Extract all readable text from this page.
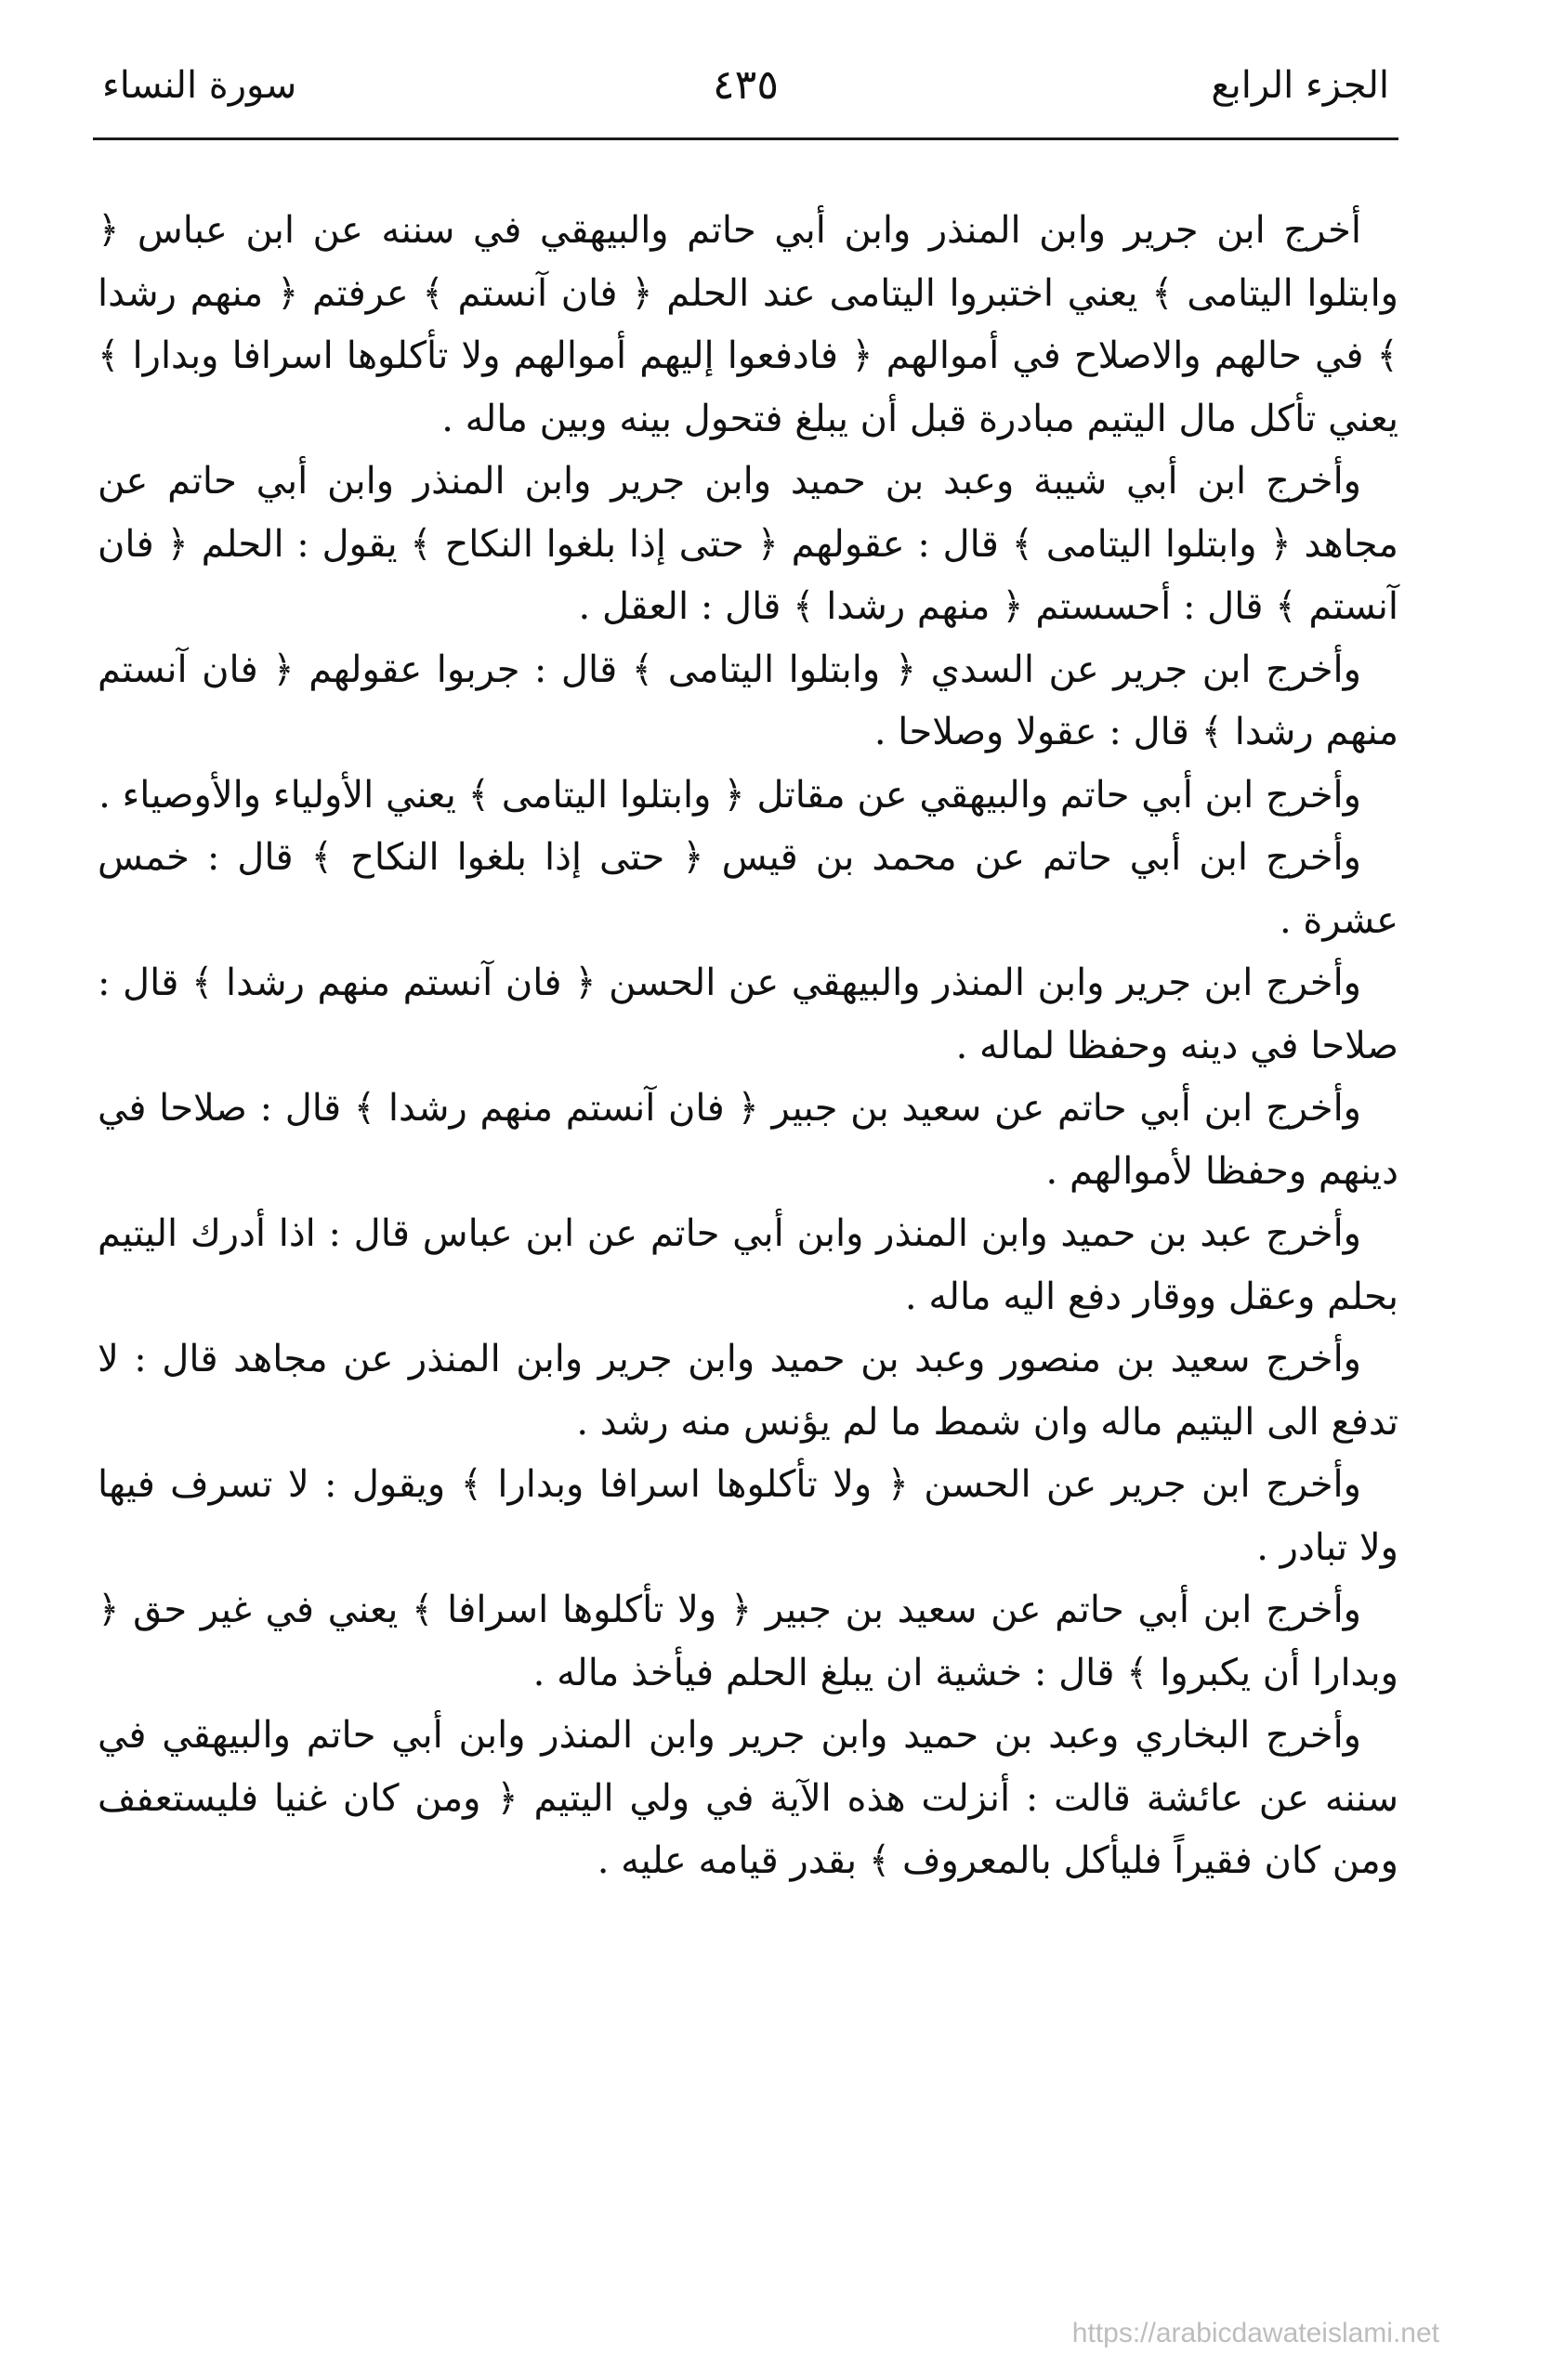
الجزء الرابع
٤٣٥
سورة النساء

أخرج ابن جرير وابن المنذر وابن أبي حاتم والبيهقي في سننه عن ابن عباس ﴿ وابتلوا اليتامى ﴾ يعني اختبروا اليتامى عند الحلم ﴿ فان آنستم ﴾ عرفتم ﴿ منهم رشدا ﴾ في حالهم والاصلاح في أموالهم ﴿ فادفعوا إليهم أموالهم ولا تأكلوها اسرافا وبدارا ﴾ يعني تأكل مال اليتيم مبادرة قبل أن يبلغ فتحول بينه وبين ماله .

وأخرج ابن أبي شيبة وعبد بن حميد وابن جرير وابن المنذر وابن أبي حاتم عن مجاهد ﴿ وابتلوا اليتامى ﴾ قال : عقولهم ﴿ حتى إذا بلغوا النكاح ﴾ يقول : الحلم ﴿ فان آنستم ﴾ قال : أحسستم ﴿ منهم رشدا ﴾ قال : العقل .

وأخرج ابن جرير عن السدي ﴿ وابتلوا اليتامى ﴾ قال : جربوا عقولهم ﴿ فان آنستم منهم رشدا ﴾ قال : عقولا وصلاحا .

وأخرج ابن أبي حاتم والبيهقي عن مقاتل ﴿ وابتلوا اليتامى ﴾ يعني الأولياء والأوصياء .

وأخرج ابن أبي حاتم عن محمد بن قيس ﴿ حتى إذا بلغوا النكاح ﴾ قال : خمس عشرة .

وأخرج ابن جرير وابن المنذر والبيهقي عن الحسن ﴿ فان آنستم منهم رشدا ﴾ قال : صلاحا في دينه وحفظا لماله .

وأخرج ابن أبي حاتم عن سعيد بن جبير ﴿ فان آنستم منهم رشدا ﴾ قال : صلاحا في دينهم وحفظا لأموالهم .

وأخرج عبد بن حميد وابن المنذر وابن أبي حاتم عن ابن عباس قال : اذا أدرك اليتيم بحلم وعقل ووقار دفع اليه ماله .

وأخرج سعيد بن منصور وعبد بن حميد وابن جرير وابن المنذر عن مجاهد قال : لا تدفع الى اليتيم ماله وان شمط ما لم يؤنس منه رشد .

وأخرج ابن جرير عن الحسن ﴿ ولا تأكلوها اسرافا وبدارا ﴾ ويقول : لا تسرف فيها ولا تبادر .

وأخرج ابن أبي حاتم عن سعيد بن جبير ﴿ ولا تأكلوها اسرافا ﴾ يعني في غير حق ﴿ وبدارا أن يكبروا ﴾ قال : خشية ان يبلغ الحلم فيأخذ ماله .

وأخرج البخاري وعبد بن حميد وابن جرير وابن المنذر وابن أبي حاتم والبيهقي في سننه عن عائشة قالت : أنزلت هذه الآية في ولي اليتيم ﴿ ومن كان غنيا فليستعفف ومن كان فقيراً فليأكل بالمعروف ﴾ بقدر قيامه عليه .

https://arabicdawateislami.net
